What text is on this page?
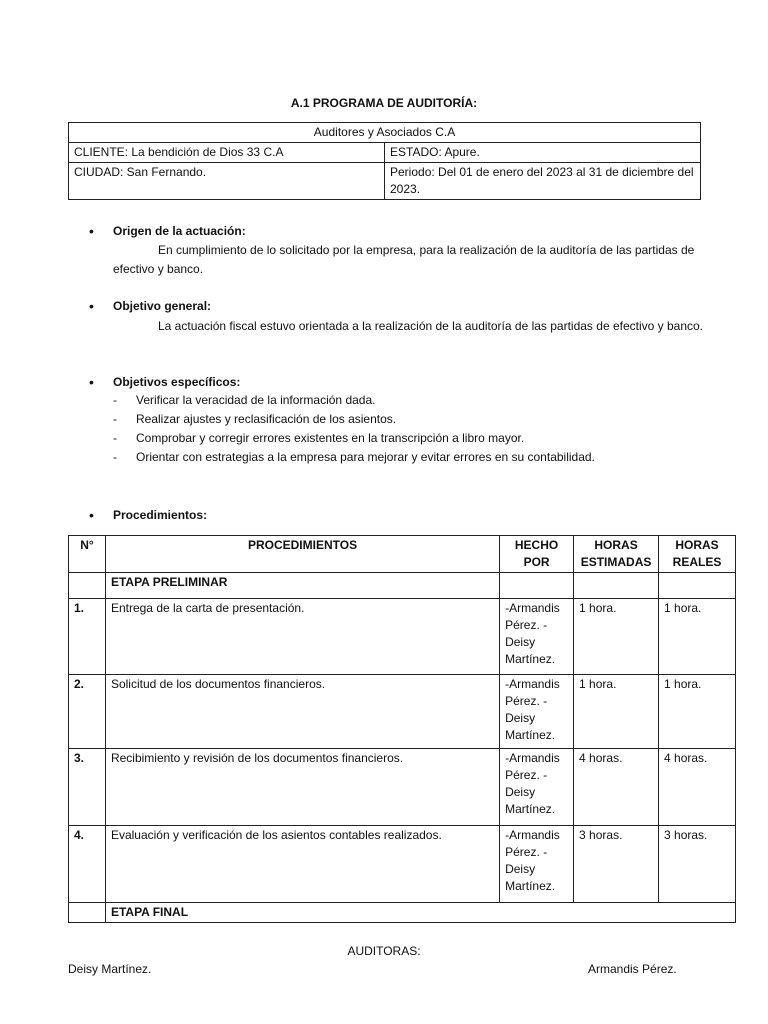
A.1 PROGRAMA DE AUDITORÍA:
Auditores y Asociados C.A	
CLIENTE: La bendición de Dios 33 C.A	ESTADO: Apure.
CIUDAD: San Fernando.	Periodo: Del 01 de enero del 2023 al 31 de diciembre del 2023.
• Origen de la actuación:
En cumplimiento de lo solicitado por la empresa, para la realización de la auditoría de las partidas de efectivo y banco.
• Objetivo general:
La actuación fiscal estuvo orientada a la realización de la auditoría de las partidas de efectivo y banco.
• Objetivos específicos:
- Verificar la veracidad de la información dada.
- Realizar ajustes y reclasificación de los asientos.
- Comprobar y corregir errores existentes en la transcripción a libro mayor.
- Orientar con estrategias a la empresa para mejorar y evitar errores en su contabilidad.
• Procedimientos:
N°	PROCEDIMIENTOS	HECHO POR	HORAS ESTIMADAS	HORAS REALES
	ETAPA PRELIMINAR			
1.	Entrega de la carta de presentación.	-Armandis Pérez. -Deisy Martínez.	1 hora.	1 hora.
2.	Solicitud de los documentos financieros.	-Armandis Pérez. -Deisy Martínez.	1 hora.	1 hora.
3.	Recibimiento y revisión de los documentos financieros.	-Armandis Pérez. -Deisy Martínez.	4 horas.	4 horas.
4.	Evaluación y verificación de los asientos contables realizados.	-Armandis Pérez. -Deisy Martínez.	3 horas.	3 horas.
	ETAPA FINAL			
AUDITORAS:
Deisy Martínez.	Armandis Pérez.
